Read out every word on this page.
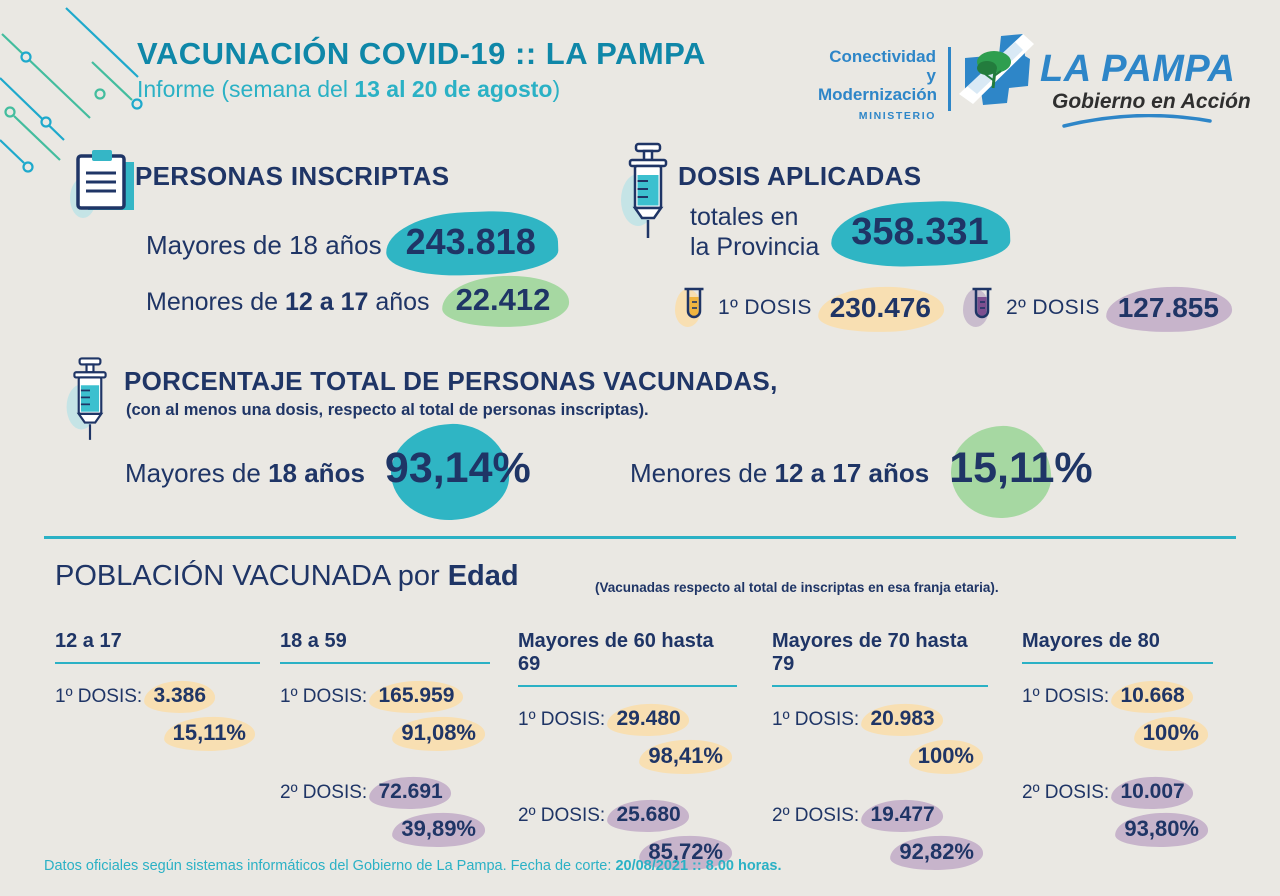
VACUNACIÓN COVID-19 :: LA PAMPA
Informe (semana del 13 al 20 de agosto)
Conectividad y
Modernización
MINISTERIO
LA PAMPA
Gobierno en Acción
PERSONAS INSCRIPTAS
Mayores de 18 años 243.818
Menores de 12 a 17 años 22.412
DOSIS APLICADAS
totales en
la Provincia 358.331
1º DOSIS 230.476	2º DOSIS 127.855
PORCENTAJE TOTAL DE PERSONAS VACUNADAS,
(con al menos una dosis, respecto al total de personas inscriptas).
Mayores de 18 años 93,14%	Menores de 12 a 17 años 15,11%
POBLACIÓN VACUNADA por Edad	(Vacunadas respecto al total de inscriptas en esa franja etaria).
12 a 17
1º DOSIS: 3.386
15,11%
18 a 59
1º DOSIS: 165.959
91,08%
2º DOSIS: 72.691
39,89%
Mayores de 60 hasta 69
1º DOSIS: 29.480
98,41%
2º DOSIS: 25.680
85,72%
Mayores de 70 hasta 79
1º DOSIS: 20.983
100%
2º DOSIS: 19.477
92,82%
Mayores de 80
1º DOSIS: 10.668
100%
2º DOSIS: 10.007
93,80%
Datos oficiales según sistemas informáticos del Gobierno de La Pampa. Fecha de corte: 20/08/2021 :: 8.00 horas.
